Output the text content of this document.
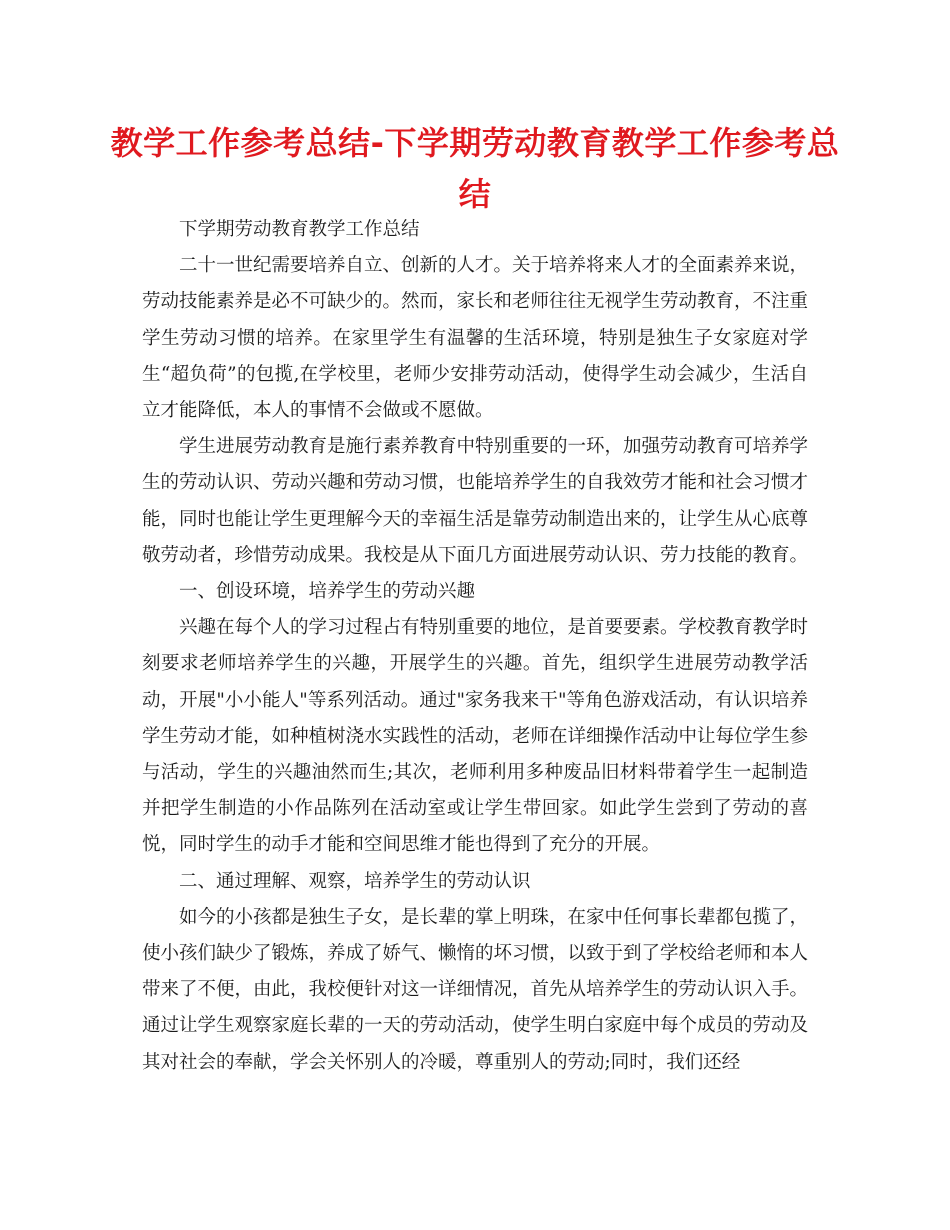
教学工作参考总结-下学期劳动教育教学工作参考总结

下学期劳动教育教学工作总结

二十一世纪需要培养自立、创新的人才。关于培养将来人才的全面素养来说，劳动技能素养是必不可缺少的。然而，家长和老师往往无视学生劳动教育，不注重学生劳动习惯的培养。在家里学生有温馨的生活环境，特别是独生子女家庭对学生“超负荷”的包揽,在学校里，老师少安排劳动活动，使得学生动会减少，生活自立才能降低，本人的事情不会做或不愿做。

学生进展劳动教育是施行素养教育中特别重要的一环，加强劳动教育可培养学生的劳动认识、劳动兴趣和劳动习惯，也能培养学生的自我效劳才能和社会习惯才能，同时也能让学生更理解今天的幸福生活是靠劳动制造出来的，让学生从心底尊敬劳动者，珍惜劳动成果。我校是从下面几方面进展劳动认识、劳力技能的教育。

一、创设环境，培养学生的劳动兴趣

兴趣在每个人的学习过程占有特别重要的地位，是首要要素。学校教育教学时刻要求老师培养学生的兴趣，开展学生的兴趣。首先，组织学生进展劳动教学活动，开展"小小能人"等系列活动。通过"家务我来干"等角色游戏活动，有认识培养学生劳动才能，如种植树浇水实践性的活动，老师在详细操作活动中让每位学生参与活动，学生的兴趣油然而生;其次，老师利用多种废品旧材料带着学生一起制造并把学生制造的小作品陈列在活动室或让学生带回家。如此学生尝到了劳动的喜悦，同时学生的动手才能和空间思维才能也得到了充分的开展。

二、通过理解、观察，培养学生的劳动认识

如今的小孩都是独生子女，是长辈的掌上明珠，在家中任何事长辈都包揽了，使小孩们缺少了锻炼，养成了娇气、懒惰的坏习惯，以致于到了学校给老师和本人带来了不便，由此，我校便针对这一详细情况，首先从培养学生的劳动认识入手。通过让学生观察家庭长辈的一天的劳动活动，使学生明白家庭中每个成员的劳动及其对社会的奉献，学会关怀别人的冷暖，尊重别人的劳动;同时，我们还经
